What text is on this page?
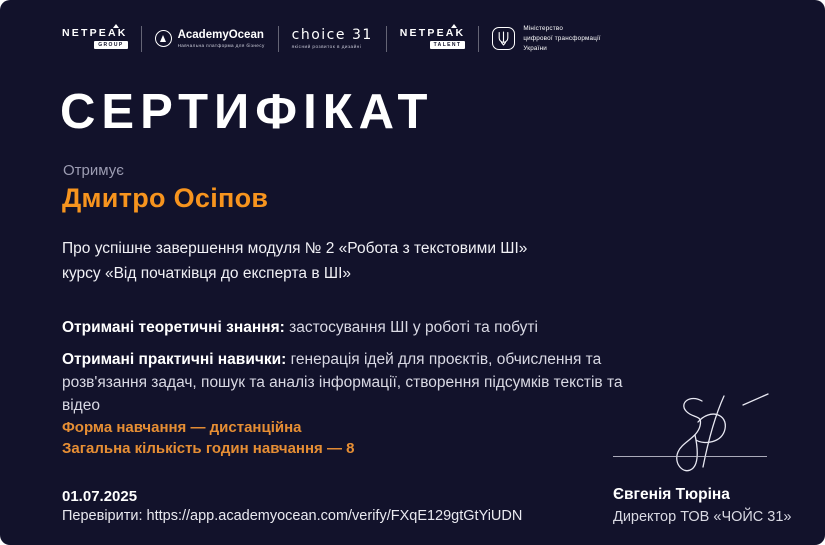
NETPEAK
GROUP
AcademyOcean
Навчальна платформа для бізнесу
choice 31
якісний розвиток в дизайні
NETPEAK
TALENT
Міністерство
цифрової трансформації
України
СЕРТИФІКАТ
Отримує
Дмитро Осіпов
Про успішне завершення модуля № 2 «Робота з текстовими ШІ»
курсу «Від початківця до експерта в ШІ»
Отримані теоретичні знання: застосування ШІ у роботі та побуті
Отримані практичні навички: генерація ідей для проєктів, обчислення та розв'язання задач, пошук та аналіз інформації, створення підсумків текстів та відео
Форма навчання — дистанційна
Загальна кількість годин навчання — 8
01.07.2025
Перевірити: https://app.academyocean.com/verify/FXqE129gtGtYiUDN
Євгенія Тюріна
Директор ТОВ «ЧОЙС 31»
